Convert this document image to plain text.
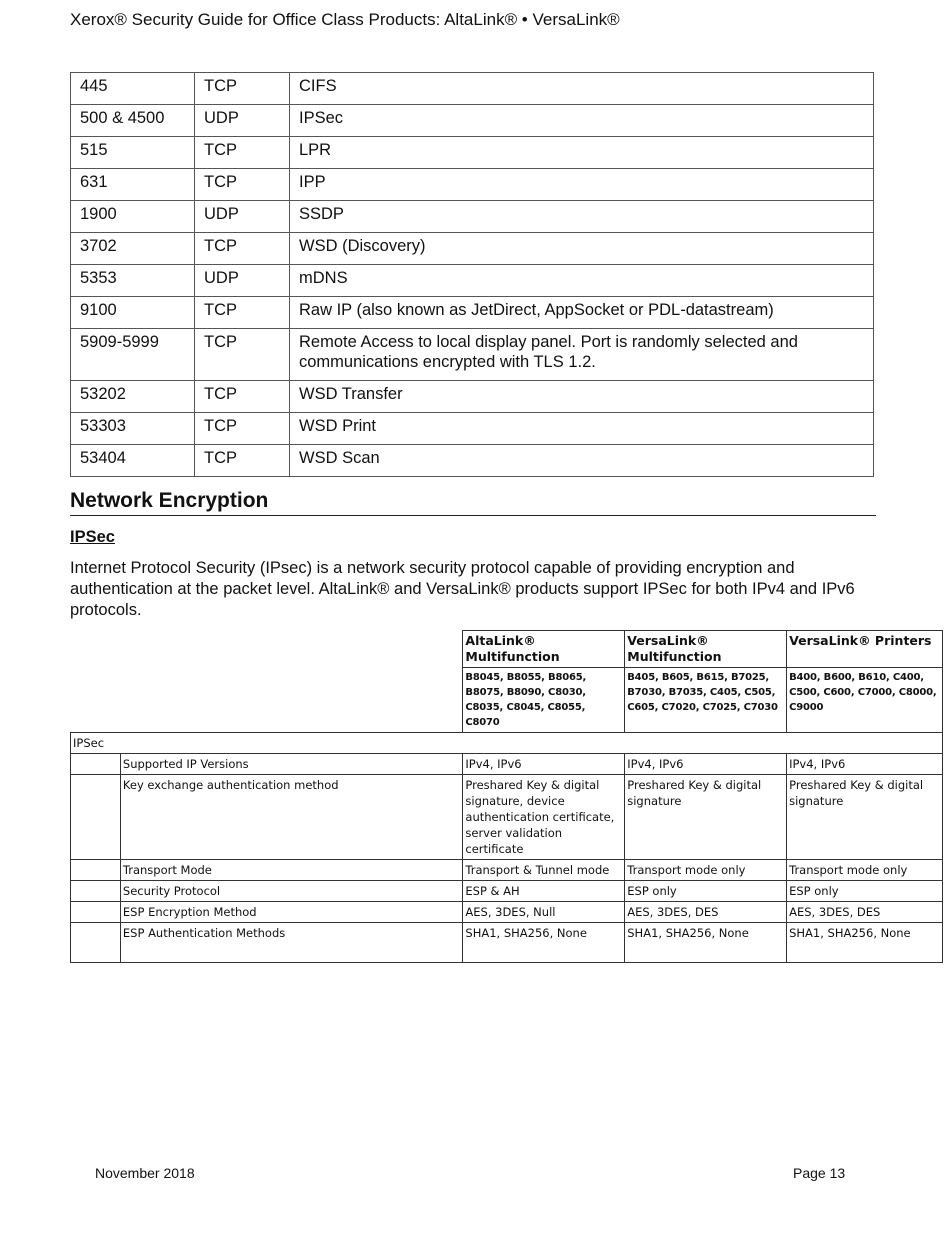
Xerox® Security Guide for Office Class Products: AltaLink® • VersaLink®
445	TCP	CIFS
500 & 4500	UDP	IPSec
515	TCP	LPR
631	TCP	IPP
1900	UDP	SSDP
3702	TCP	WSD (Discovery)
5353	UDP	mDNS
9100	TCP	Raw IP (also known as JetDirect, AppSocket or PDL-datastream)
5909-5999	TCP	Remote Access to local display panel. Port is randomly selected and communications encrypted with TLS 1.2.
53202	TCP	WSD Transfer
53303	TCP	WSD Print
53404	TCP	WSD Scan
Network Encryption
IPSec
Internet Protocol Security (IPsec) is a network security protocol capable of providing encryption and authentication at the packet level. AltaLink® and VersaLink® products support IPSec for both IPv4 and IPv6 protocols.
		AltaLink® Multifunction	VersaLink® Multifunction	VersaLink® Printers
		B8045, B8055, B8065, B8075, B8090, C8030, C8035, C8045, C8055, C8070	B405, B605, B615, B7025, B7030, B7035, C405, C505, C605, C7020, C7025, C7030	B400, B600, B610, C400, C500, C600, C7000, C8000, C9000
IPSec				
	Supported IP Versions	IPv4, IPv6	IPv4, IPv6	IPv4, IPv6
	Key exchange authentication method	Preshared Key & digital signature, device authentication certificate, server validation certificate	Preshared Key & digital signature	Preshared Key & digital signature
	Transport Mode	Transport & Tunnel mode	Transport mode only	Transport mode only
	Security Protocol	ESP & AH	ESP only	ESP only
	ESP Encryption Method	AES, 3DES, Null	AES, 3DES, DES	AES, 3DES, DES
	ESP Authentication Methods	SHA1, SHA256, None	SHA1, SHA256, None	SHA1, SHA256, None
November 2018	Page 13
